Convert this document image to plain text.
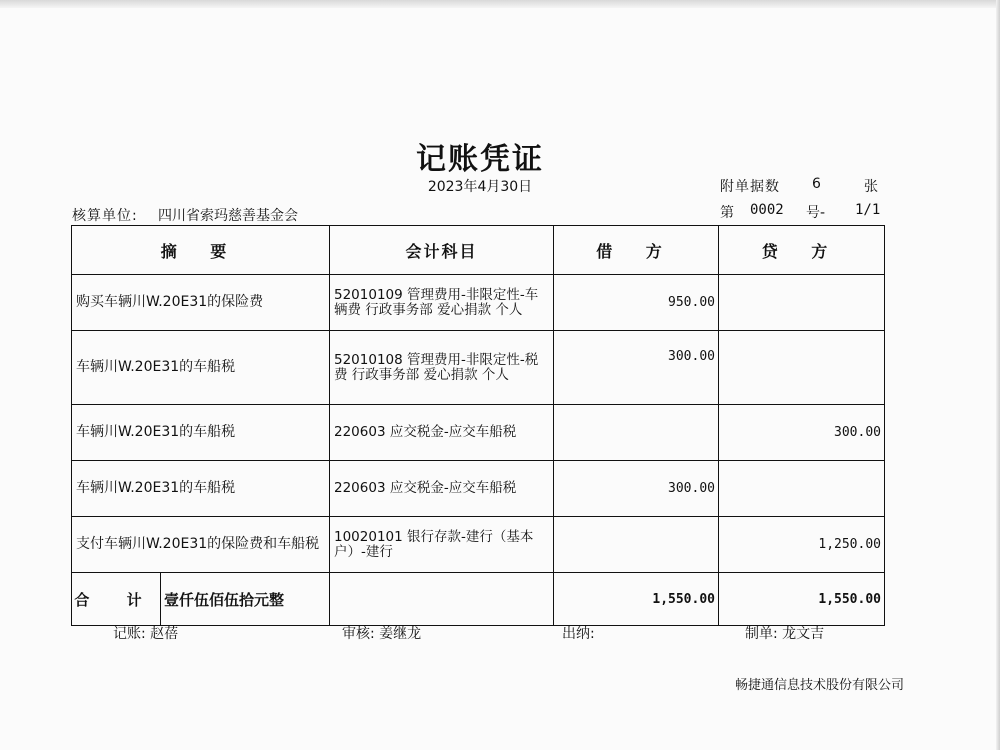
记账凭证
2023年4月30日	附单据数 6	张
核算单位: 四川省索玛慈善基金会	第 0002 号- 1/1
摘 要	会计科目	借 方	贷 方
购买车辆川W.20E31的保险费	52010109 管理费用-非限定性-车辆费 行政事务部 爱心捐款 个人	950.00	
车辆川W.20E31的车船税	52010108 管理费用-非限定性-税费 行政事务部 爱心捐款 个人	300.00	
车辆川W.20E31的车船税	220603 应交税金-应交车船税		300.00
车辆川W.20E31的车船税	220603 应交税金-应交车船税	300.00	
支付车辆川W.20E31的保险费和车船税	10020101 银行存款-建行（基本户）-建行		1,250.00

合 计 壹仟伍佰伍拾元整		1,550.00	1,550.00
记账: 赵蓓	审核: 姜继龙	出纳:	制单: 龙文吉
畅捷通信息技术股份有限公司
